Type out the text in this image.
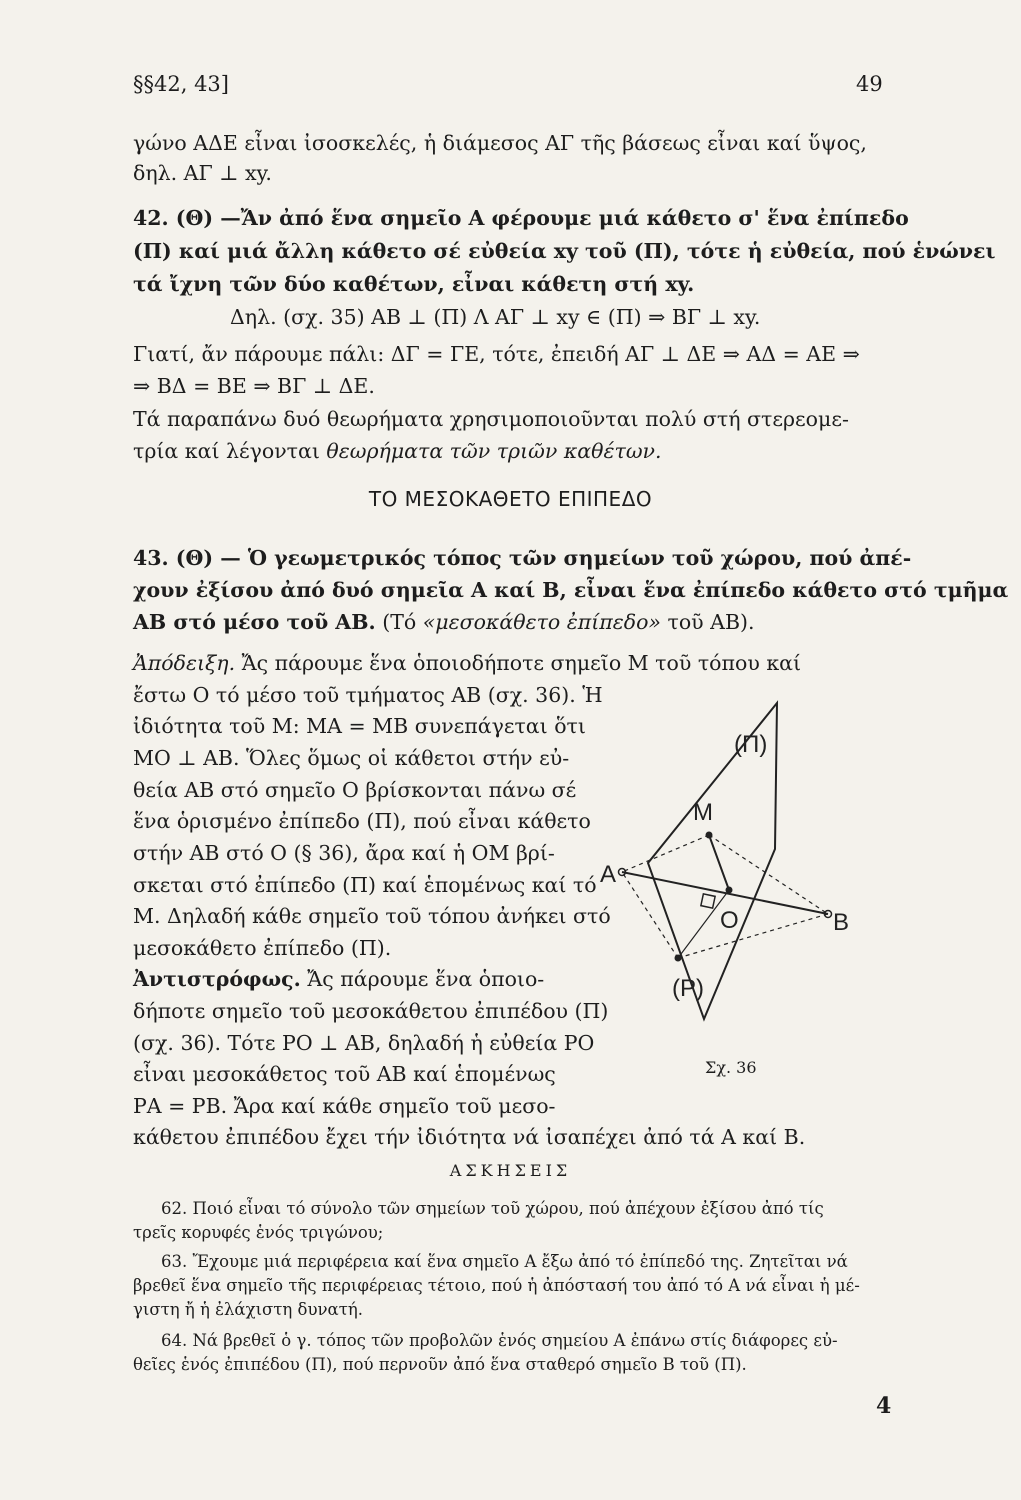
§§42, 43]	49
γώνο ΑΔΕ εἶναι ἰσοσκελές, ἡ διάμεσος ΑΓ τῆς βάσεως εἶναι καί ὕψος,
δηλ. ΑΓ ⊥ xy.
42. (Θ) —Ἄν ἀπό ἕνα σημεῖο Α φέρουμε μιά κάθετο σ' ἕνα ἐπίπεδο
(Π) καί μιά ἄλλη κάθετο σέ εὐθεία xy τοῦ (Π), τότε ἡ εὐθεία, πού ἑνώνει
τά ἴχνη τῶν δύο καθέτων, εἶναι κάθετη στή xy.
Δηλ. (σχ. 35) ΑΒ ⊥ (Π) Λ ΑΓ ⊥ xy ∈ (Π) ⇒ ΒΓ ⊥ xy.
Γιατί, ἄν πάρουμε πάλι: ΔΓ = ΓΕ, τότε, ἐπειδή ΑΓ ⊥ ΔΕ ⇒ ΑΔ = ΑΕ ⇒
⇒ ΒΔ = ΒΕ ⇒ ΒΓ ⊥ ΔΕ.
Τά παραπάνω δυό θεωρήματα χρησιμοποιοῦνται πολύ στή στερεομε-
τρία καί λέγονται θεωρήματα τῶν τριῶν καθέτων.
ΤΟ ΜΕΣΟΚΑΘΕΤΟ ΕΠΙΠΕΔΟ
43. (Θ) — Ὁ γεωμετρικός τόπος τῶν σημείων τοῦ χώρου, πού ἀπέ-
χουν ἐξίσου ἀπό δυό σημεῖα Α καί Β, εἶναι ἕνα ἐπίπεδο κάθετο στό τμῆμα
ΑΒ στό μέσο τοῦ ΑΒ. (Τό «μεσοκάθετο ἐπίπεδο» τοῦ ΑΒ).
Ἀπόδειξη. Ἄς πάρουμε ἕνα ὁποιοδήποτε σημεῖο Μ τοῦ τόπου καί
ἔστω Ο τό μέσο τοῦ τμήματος ΑΒ (σχ. 36). Ἡ
ἰδιότητα τοῦ Μ: ΜΑ = ΜΒ συνεπάγεται ὅτι
ΜΟ ⊥ ΑΒ. Ὅλες ὅμως οἱ κάθετοι στήν εὐ-
θεία ΑΒ στό σημεῖο Ο βρίσκονται πάνω σέ
ἕνα ὁρισμένο ἐπίπεδο (Π), πού εἶναι κάθετο
στήν ΑΒ στό Ο (§ 36), ἄρα καί ἡ ΟΜ βρί-
σκεται στό ἐπίπεδο (Π) καί ἑπομένως καί τό
Μ. Δηλαδή κάθε σημεῖο τοῦ τόπου ἀνήκει στό
μεσοκάθετο ἐπίπεδο (Π).
Ἀντιστρόφως. Ἄς πάρουμε ἕνα ὁποιο-
δήποτε σημεῖο τοῦ μεσοκάθετου ἐπιπέδου (Π)
(σχ. 36). Τότε ΡΟ ⊥ ΑΒ, δηλαδή ἡ εὐθεία ΡΟ
εἶναι μεσοκάθετος τοῦ ΑΒ καί ἑπομένως
ΡΑ = ΡΒ. Ἄρα καί κάθε σημεῖο τοῦ μεσο-
κάθετου ἐπιπέδου ἔχει τήν ἰδιότητα νά ἰσαπέχει ἀπό τά Α καί Β.
(Π)
Μ
Α
Ο	Β
(Ρ)
Σχ. 36
ΑΣΚΗΣΕΙΣ
62. Ποιό εἶναι τό σύνολο τῶν σημείων τοῦ χώρου, πού ἀπέχουν ἐξίσου ἀπό τίς
τρεῖς κορυφές ἑνός τριγώνου;
63. Ἔχουμε μιά περιφέρεια καί ἕνα σημεῖο Α ἔξω ἀπό τό ἐπίπεδό της. Ζητεῖται νά
βρεθεῖ ἕνα σημεῖο τῆς περιφέρειας τέτοιο, πού ἡ ἀπόστασή του ἀπό τό Α νά εἶναι ἡ μέ-
γιστη ἤ ἡ ἐλάχιστη δυνατή.
64. Νά βρεθεῖ ὁ γ. τόπος τῶν προβολῶν ἑνός σημείου Α ἐπάνω στίς διάφορες εὐ-
θεῖες ἑνός ἐπιπέδου (Π), πού περνοῦν ἀπό ἕνα σταθερό σημεῖο Β τοῦ (Π).
4
